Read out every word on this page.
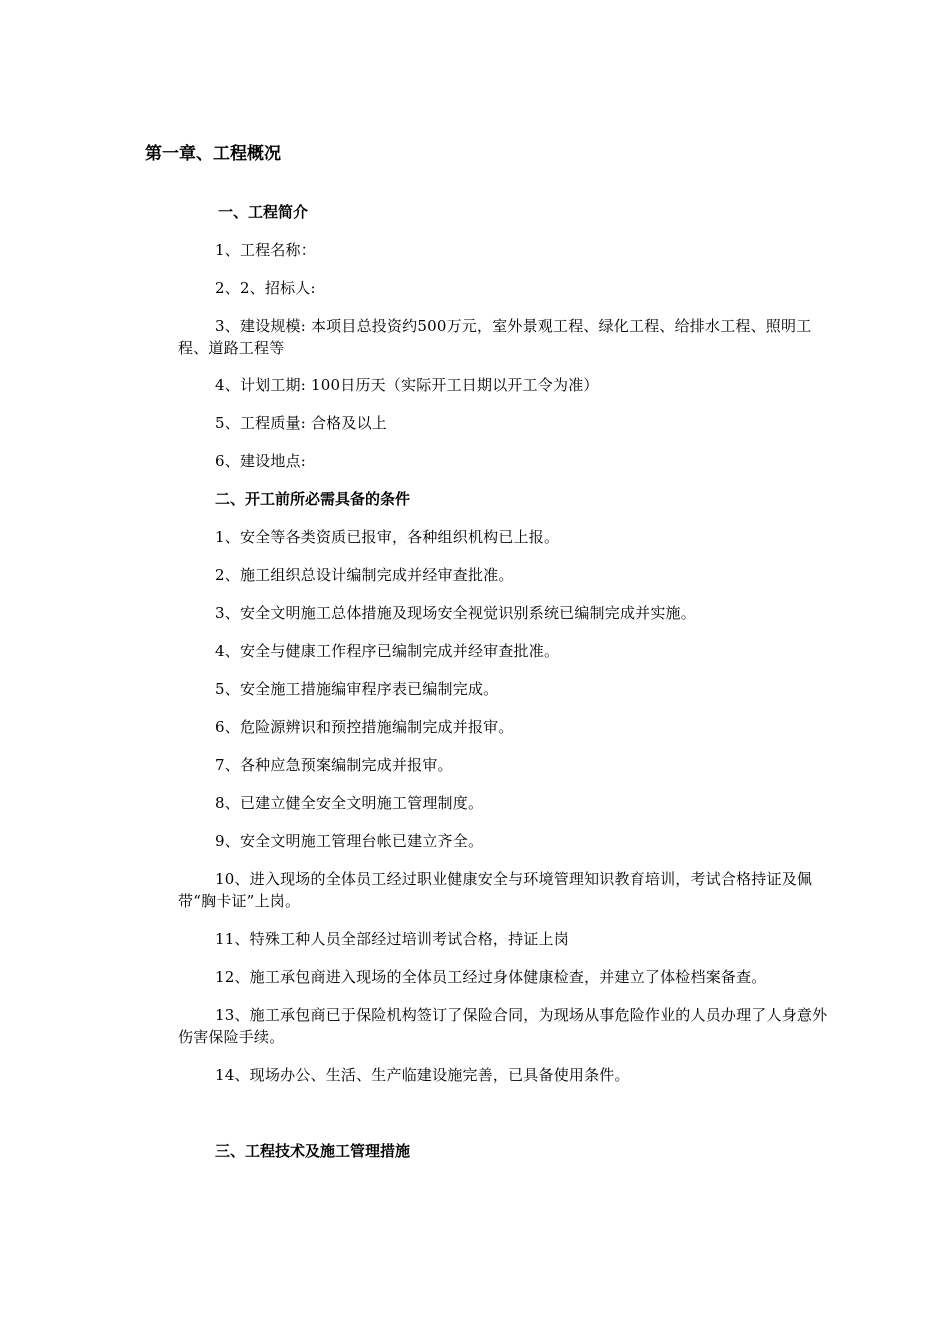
第一章、工程概况
一、工程简介

1、工程名称：

2、2、招标人:

3、建设规模: 本项目总投资约500万元，室外景观工程、绿化工程、给排水工程、照明工程、道路工程等

4、计划工期: 100日历天（实际开工日期以开工令为准）

5、工程质量: 合格及以上

6、建设地点:

二、开工前所必需具备的条件

1、安全等各类资质已报审，各种组织机构已上报。

2、施工组织总设计编制完成并经审查批准。

3、安全文明施工总体措施及现场安全视觉识别系统已编制完成并实施。

4、安全与健康工作程序已编制完成并经审查批准。

5、安全施工措施编审程序表已编制完成。

6、危险源辨识和预控措施编制完成并报审。

7、各种应急预案编制完成并报审。

8、已建立健全安全文明施工管理制度。

9、安全文明施工管理台帐已建立齐全。

10、进入现场的全体员工经过职业健康安全与环境管理知识教育培训，考试合格持证及佩带“胸卡证”上岗。

11、特殊工种人员全部经过培训考试合格，持证上岗

12、施工承包商进入现场的全体员工经过身体健康检查，并建立了体检档案备查。

13、施工承包商已于保险机构签订了保险合同，为现场从事危险作业的人员办理了人身意外伤害保险手续。

14、现场办公、生活、生产临建设施完善，已具备使用条件。

三、工程技术及施工管理措施
